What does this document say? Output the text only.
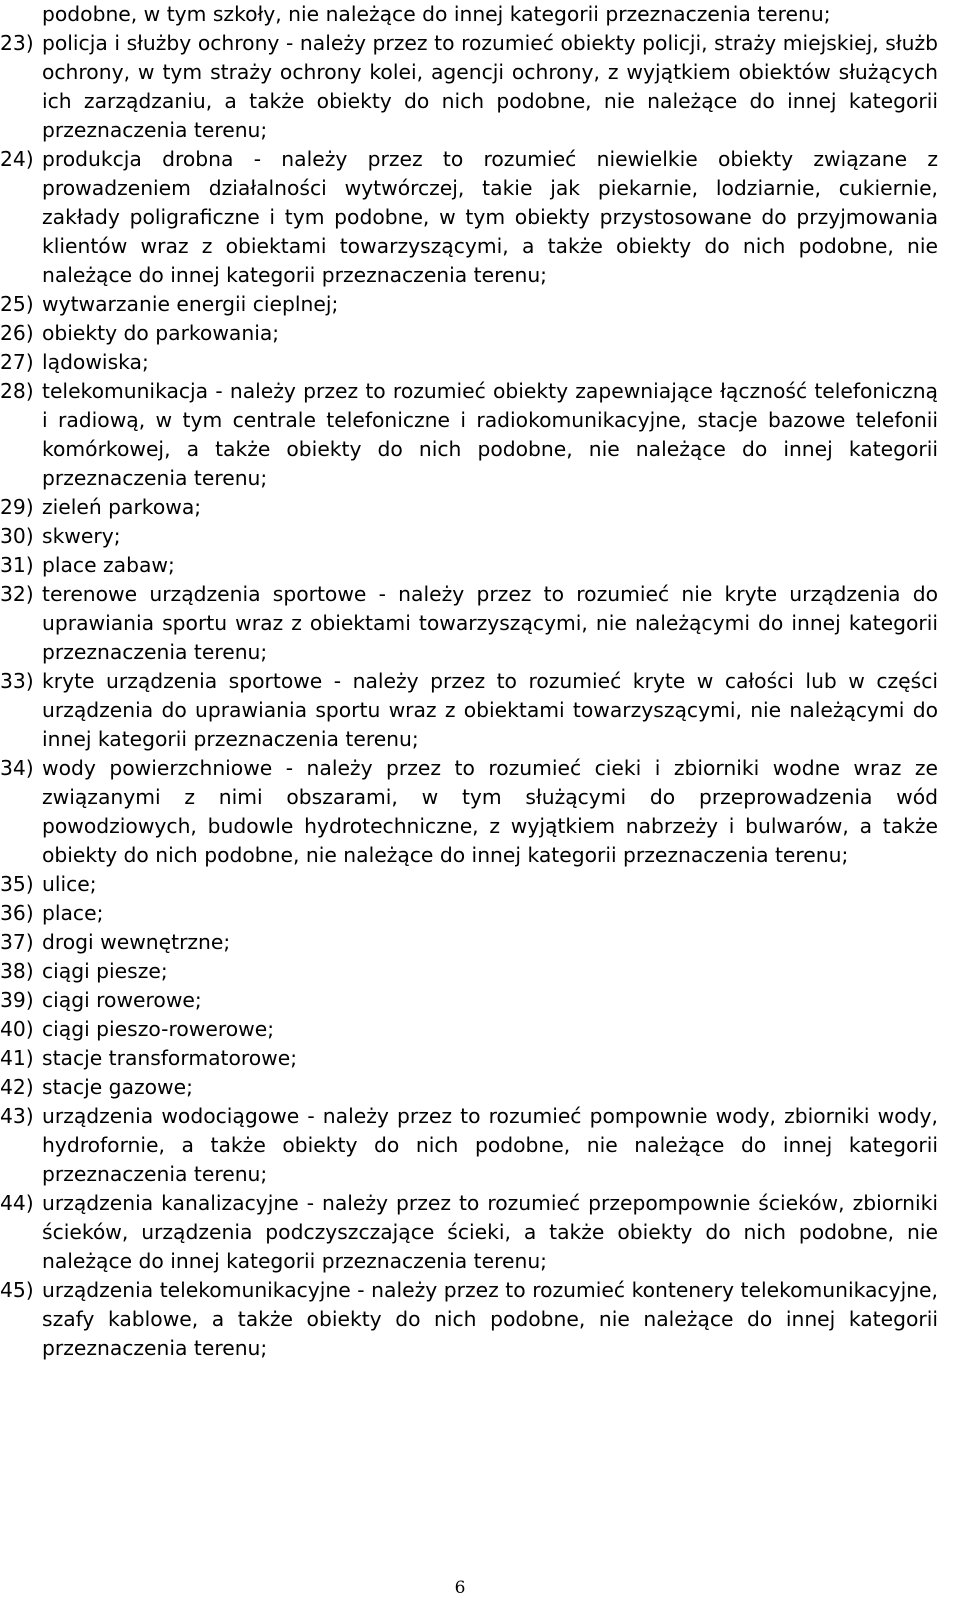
podobne, w tym szkoły, nie należące do innej kategorii przeznaczenia terenu;
23) policja i służby ochrony - należy przez to rozumieć obiekty policji, straży miejskiej, służb ochrony, w tym straży ochrony kolei, agencji ochrony, z wyjątkiem obiektów służących ich zarządzaniu, a także obiekty do nich podobne, nie należące do innej kategorii przeznaczenia terenu;
24) produkcja drobna - należy przez to rozumieć niewielkie obiekty związane z prowadzeniem działalności wytwórczej, takie jak piekarnie, lodziarnie, cukiernie, zakłady poligraficzne i tym podobne, w tym obiekty przystosowane do przyjmowania klientów wraz z obiektami towarzyszącymi, a także obiekty do nich podobne, nie należące do innej kategorii przeznaczenia terenu;
25) wytwarzanie energii cieplnej;
26) obiekty do parkowania;
27) lądowiska;
28) telekomunikacja - należy przez to rozumieć obiekty zapewniające łączność telefoniczną i radiową, w tym centrale telefoniczne i radiokomunikacyjne, stacje bazowe telefonii komórkowej, a także obiekty do nich podobne, nie należące do innej kategorii przeznaczenia terenu;
29) zieleń parkowa;
30) skwery;
31) place zabaw;
32) terenowe urządzenia sportowe - należy przez to rozumieć nie kryte urządzenia do uprawiania sportu wraz z obiektami towarzyszącymi, nie należącymi do innej kategorii przeznaczenia terenu;
33) kryte urządzenia sportowe - należy przez to rozumieć kryte w całości lub w części urządzenia do uprawiania sportu wraz z obiektami towarzyszącymi, nie należącymi do innej kategorii przeznaczenia terenu;
34) wody powierzchniowe - należy przez to rozumieć cieki i zbiorniki wodne wraz ze związanymi z nimi obszarami, w tym służącymi do przeprowadzenia wód powodziowych, budowle hydrotechniczne, z wyjątkiem nabrzeży i bulwarów, a także obiekty do nich podobne, nie należące do innej kategorii przeznaczenia terenu;
35) ulice;
36) place;
37) drogi wewnętrzne;
38) ciągi piesze;
39) ciągi rowerowe;
40) ciągi pieszo-rowerowe;
41) stacje transformatorowe;
42) stacje gazowe;
43) urządzenia wodociągowe - należy przez to rozumieć pompownie wody, zbiorniki wody, hydrofornie, a także obiekty do nich podobne, nie należące do innej kategorii przeznaczenia terenu;
44) urządzenia kanalizacyjne - należy przez to rozumieć przepompownie ścieków, zbiorniki ścieków, urządzenia podczyszczające ścieki, a także obiekty do nich podobne, nie należące do innej kategorii przeznaczenia terenu;
45) urządzenia telekomunikacyjne - należy przez to rozumieć kontenery telekomunikacyjne, szafy kablowe, a także obiekty do nich podobne, nie należące do innej kategorii przeznaczenia terenu;
6
